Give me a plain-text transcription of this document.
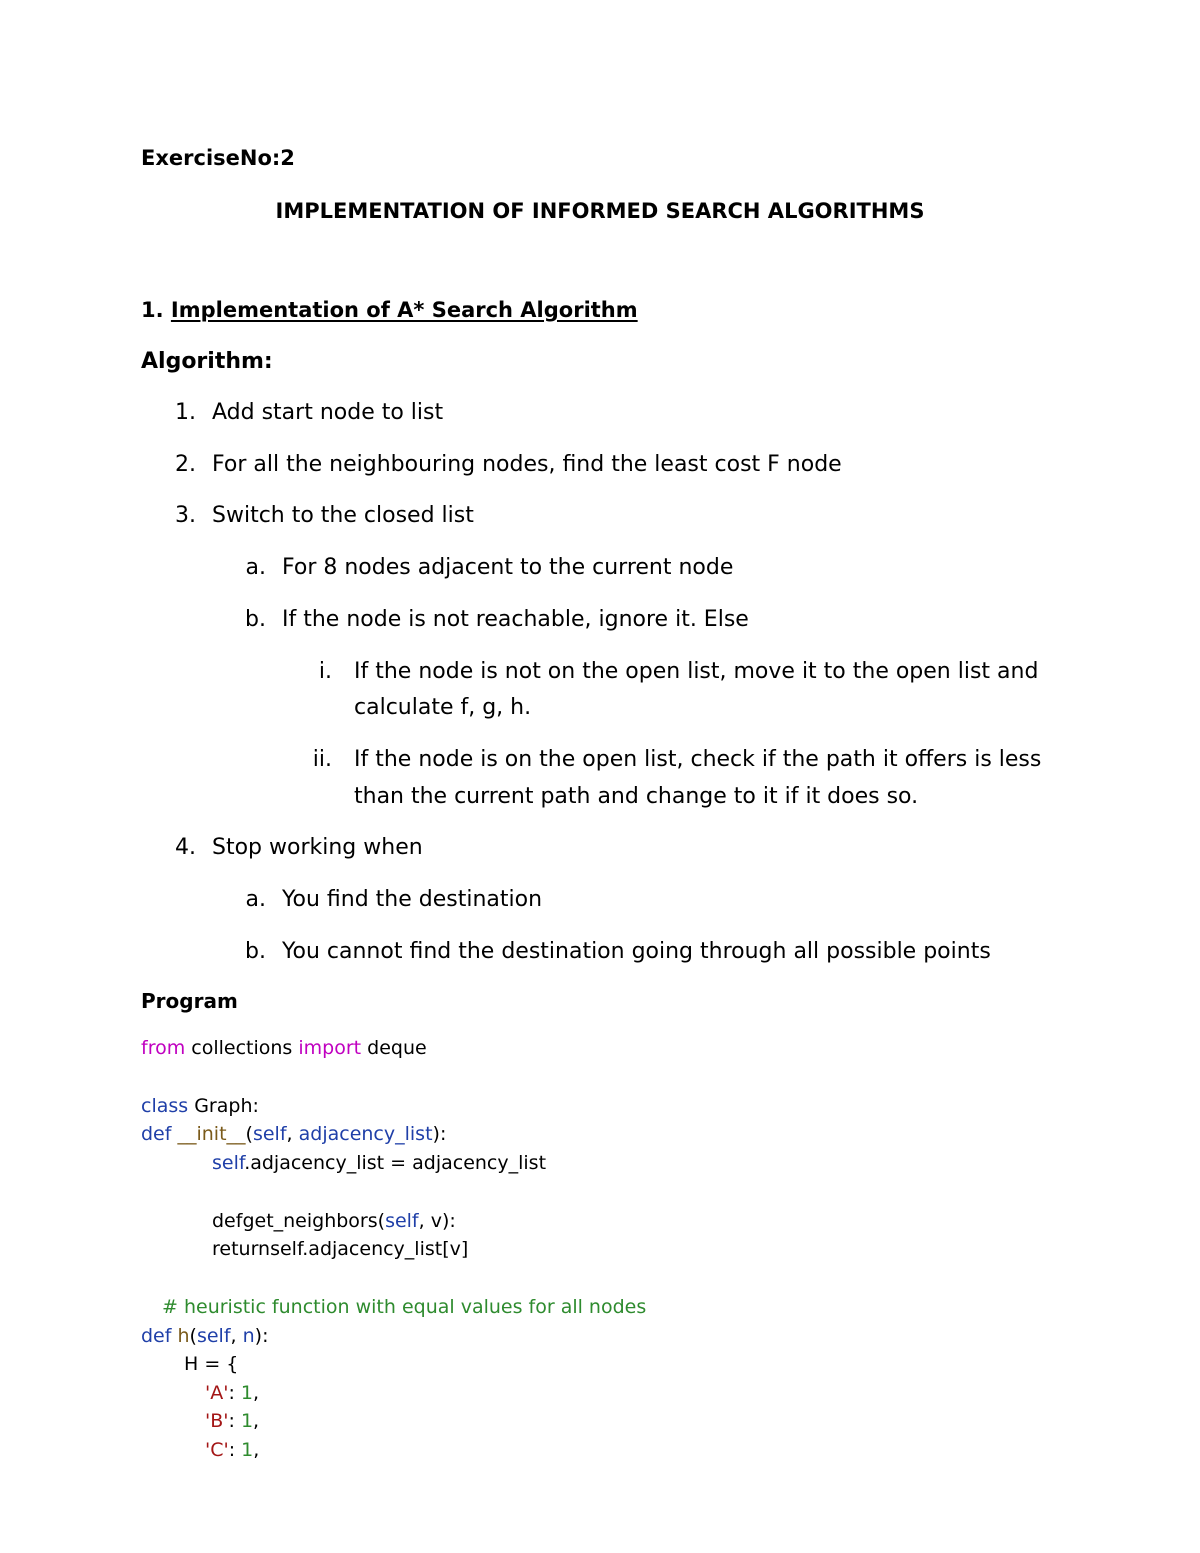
ExerciseNo:2
IMPLEMENTATION OF INFORMED SEARCH ALGORITHMS
1. Implementation of A* Search Algorithm
Algorithm:
1. Add start node to list
2. For all the neighbouring nodes, find the least cost F node
3. Switch to the closed list
a. For 8 nodes adjacent to the current node
b. If the node is not reachable, ignore it. Else
i. If the node is not on the open list, move it to the open list and
calculate f, g, h.
ii. If the node is on the open list, check if the path it offers is less
than the current path and change to it if it does so.
4. Stop working when
a. You find the destination
b. You cannot find the destination going through all possible points
Program
from collections import deque
class Graph:
def __init__(self, adjacency_list):
self.adjacency_list = adjacency_list
defget_neighbors(self, v):
returnself.adjacency_list[v]
# heuristic function with equal values for all nodes
def h(self, n):
H = {
'A': 1,
'B': 1,
'C': 1,
